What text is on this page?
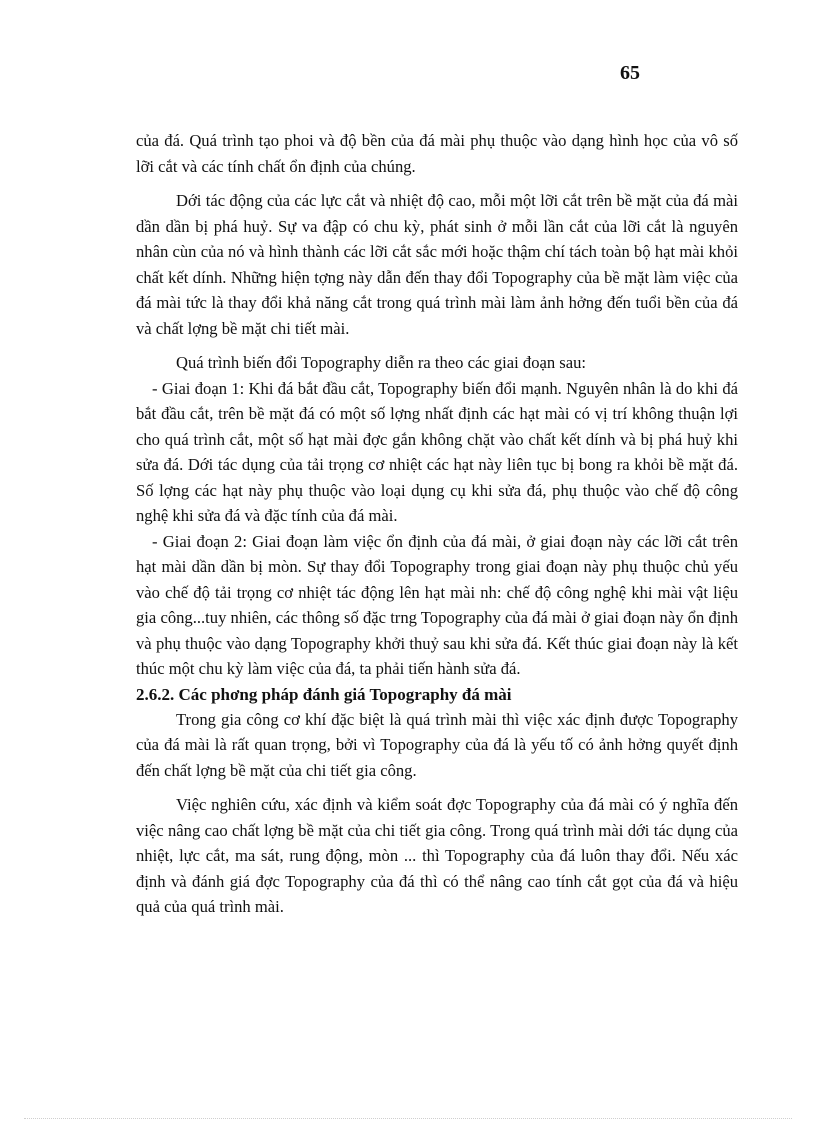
65

của đá. Quá trình tạo phoi và độ bền của đá mài phụ thuộc vào dạng hình học của vô số lỡi cắt và các tính chất ổn định của chúng.

Dới tác động của các lực cắt và nhiệt độ cao, mỗi một lỡi cắt trên bề mặt của đá mài dần dần bị phá huỷ. Sự va đập có chu kỳ, phát sinh ở mỗi lần cắt của lỡi cắt là nguyên nhân cùn của nó và hình thành các lỡi cắt sắc mới hoặc thậm chí tách toàn bộ hạt mài khỏi chất kết dính. Những hiện tợng này dẫn đến thay đổi Topography của bề mặt làm việc của đá mài tức là thay đổi khả năng cắt trong quá trình mài làm ảnh hởng đến tuổi bền của đá và chất lợng bề mặt chi tiết mài.

Quá trình biến đổi Topography diễn ra theo các giai đoạn sau:

- Giai đoạn 1: Khi đá bắt đầu cắt, Topography biến đổi mạnh. Nguyên nhân là do khi đá bắt đầu cắt, trên bề mặt đá có một số lợng nhất định các hạt mài có vị trí không thuận lợi cho quá trình cắt, một số hạt mài đợc gắn không chặt vào chất kết dính và bị phá huỷ khi sửa đá. Dới tác dụng của tải trọng cơ nhiệt các hạt này liên tục bị bong ra khỏi bề mặt đá. Số lợng các hạt này phụ thuộc vào loại dụng cụ khi sửa đá, phụ thuộc vào chế độ công nghệ khi sửa đá và đặc tính của đá mài.

- Giai đoạn 2: Giai đoạn làm việc ổn định của đá mài, ở giai đoạn này các lỡi cắt trên hạt mài dần dần bị mòn. Sự thay đổi Topography trong giai đoạn này phụ thuộc chủ yếu vào chế độ tải trọng cơ nhiệt tác động lên hạt mài nh: chế độ công nghệ khi mài vật liệu gia công...tuy nhiên, các thông số đặc trng Topography của đá mài ở giai đoạn này ổn định và phụ thuộc vào dạng Topography khởi thuỷ sau khi sửa đá. Kết thúc giai đoạn này là kết thúc một chu kỳ làm việc của đá, ta phải tiến hành sửa đá.

2.6.2. Các phơng pháp đánh giá Topography đá mài

Trong gia công cơ khí đặc biệt là quá trình mài thì việc xác định được Topography của đá mài là rất quan trọng, bởi vì Topography của đá là yếu tố có ảnh hởng quyết định đến chất lợng bề mặt của chi tiết gia công.

Việc nghiên cứu, xác định và kiểm soát đợc Topography của đá mài có ý nghĩa đến việc nâng cao chất lợng bề mặt của chi tiết gia công. Trong quá trình mài dới tác dụng của nhiệt, lực cắt, ma sát, rung động, mòn ... thì Topography của đá luôn thay đổi. Nếu xác định và đánh giá đợc Topography của đá thì có thể nâng cao tính cắt gọt của đá và hiệu quả của quá trình mài.
